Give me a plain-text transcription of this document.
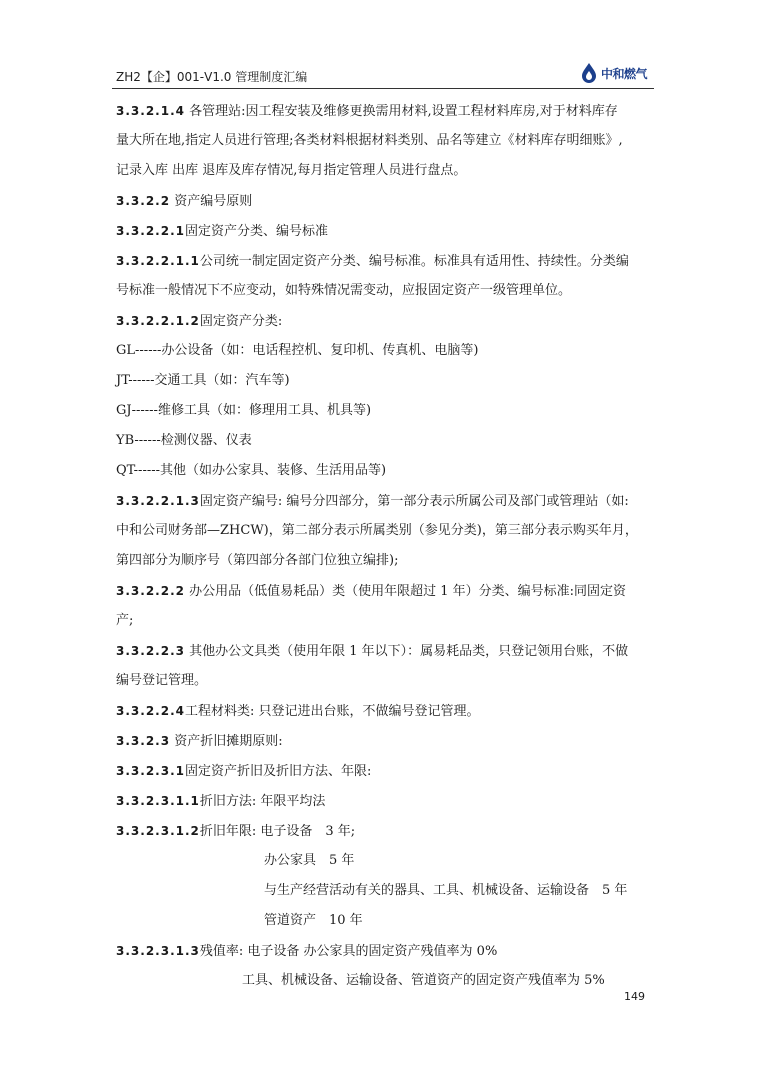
ZH2【企】001-V1.0 管理制度汇编	中和燃气
3.3.2.1.4 各管理站:因工程安装及维修更换需用材料,设置工程材料库房,对于材料库存
量大所在地,指定人员进行管理;各类材料根据材料类别、品名等建立《材料库存明细账》,
记录入库 出库 退库及库存情况,每月指定管理人员进行盘点。
3.3.2.2 资产编号原则
3.3.2.2.1固定资产分类、编号标准
3.3.2.2.1.1公司统一制定固定资产分类、编号标准。标准具有适用性、持续性。分类编
号标准一般情况下不应变动，如特殊情况需变动，应报固定资产一级管理单位。
3.3.2.2.1.2固定资产分类:
GL------办公设备（如：电话程控机、复印机、传真机、电脑等)
JT------交通工具（如：汽车等)
GJ------维修工具（如：修理用工具、机具等)
YB------检测仪器、仪表
QT------其他（如办公家具、装修、生活用品等)
3.3.2.2.1.3固定资产编号: 编号分四部分，第一部分表示所属公司及部门或管理站（如:
中和公司财务部—ZHCW)，第二部分表示所属类别（参见分类)，第三部分表示购买年月，
第四部分为顺序号（第四部分各部门位独立编排);
3.3.2.2.2 办公用品（低值易耗品）类（使用年限超过 1 年）分类、编号标准:同固定资
产;
3.3.2.2.3 其他办公文具类（使用年限 1 年以下）：属易耗品类，只登记领用台账，不做
编号登记管理。
3.3.2.2.4工程材料类: 只登记进出台账，不做编号登记管理。
3.3.2.3 资产折旧摊期原则:
3.3.2.3.1固定资产折旧及折旧方法、年限:
3.3.2.3.1.1折旧方法: 年限平均法
3.3.2.3.1.2折旧年限: 电子设备　3 年;
办公家具　5 年
与生产经营活动有关的器具、工具、机械设备、运输设备　5 年
管道资产　10 年
3.3.2.3.1.3残值率: 电子设备 办公家具的固定资产残值率为 0%
工具、机械设备、运输设备、管道资产的固定资产残值率为 5%
149
